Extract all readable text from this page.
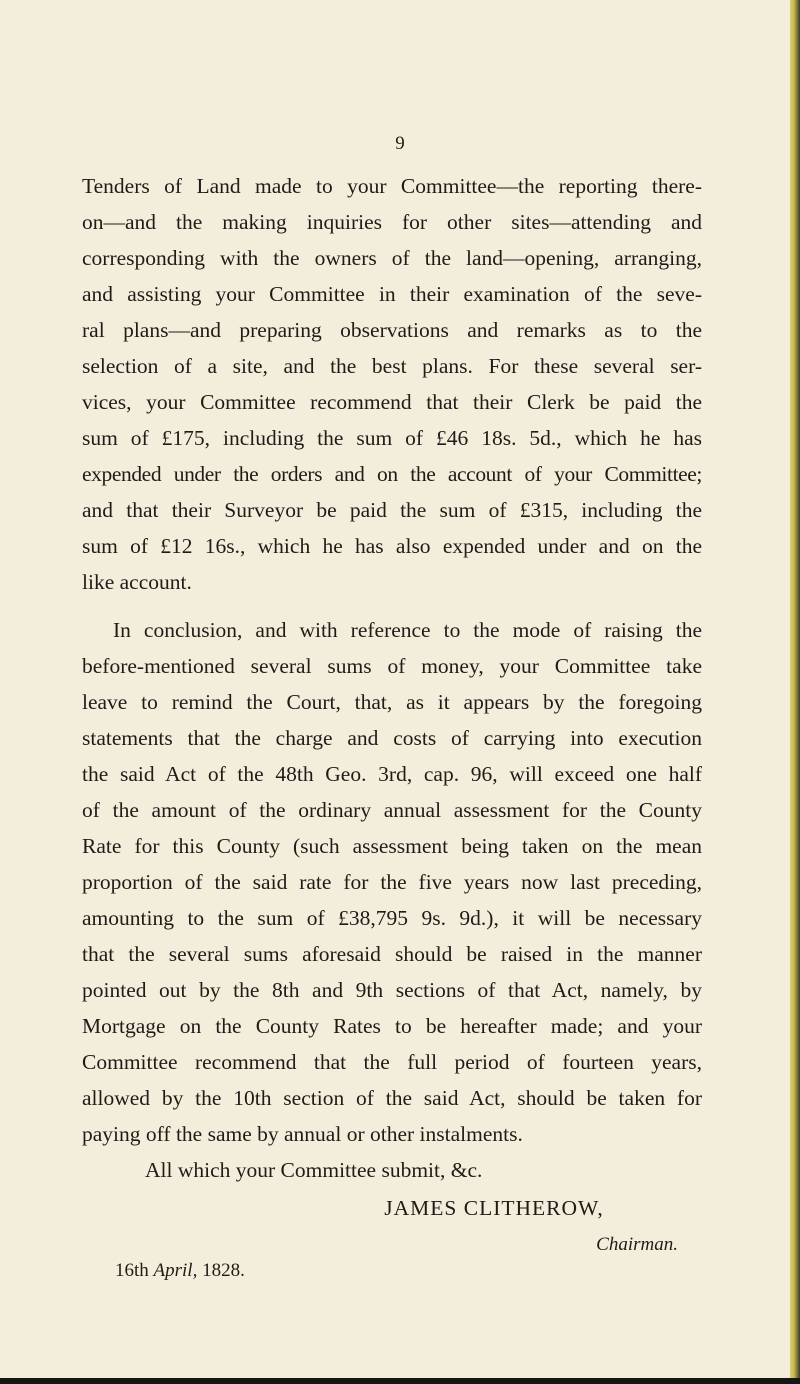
9
Tenders of Land made to your Committee—the reporting there-
on—and the making inquiries for other sites—attending and
corresponding with the owners of the land—opening, arranging,
and assisting your Committee in their examination of the seve-
ral plans—and preparing observations and remarks as to the
selection of a site, and the best plans. For these several ser-
vices, your Committee recommend that their Clerk be paid the
sum of £175, including the sum of £46 18s. 5d., which he has
expended under the orders and on the account of your Committee;
and that their Surveyor be paid the sum of £315, including the
sum of £12 16s., which he has also expended under and on the
like account.
In conclusion, and with reference to the mode of raising the
before-mentioned several sums of money, your Committee take
leave to remind the Court, that, as it appears by the foregoing
statements that the charge and costs of carrying into execution
the said Act of the 48th Geo. 3rd, cap. 96, will exceed one half
of the amount of the ordinary annual assessment for the County
Rate for this County (such assessment being taken on the mean
proportion of the said rate for the five years now last preceding,
amounting to the sum of £38,795 9s. 9d.), it will be necessary
that the several sums aforesaid should be raised in the manner
pointed out by the 8th and 9th sections of that Act, namely, by
Mortgage on the County Rates to be hereafter made; and your
Committee recommend that the full period of fourteen years,
allowed by the 10th section of the said Act, should be taken for
paying off the same by annual or other instalments.
All which your Committee submit, &c.
JAMES CLITHEROW,
Chairman.
16th April, 1828.
